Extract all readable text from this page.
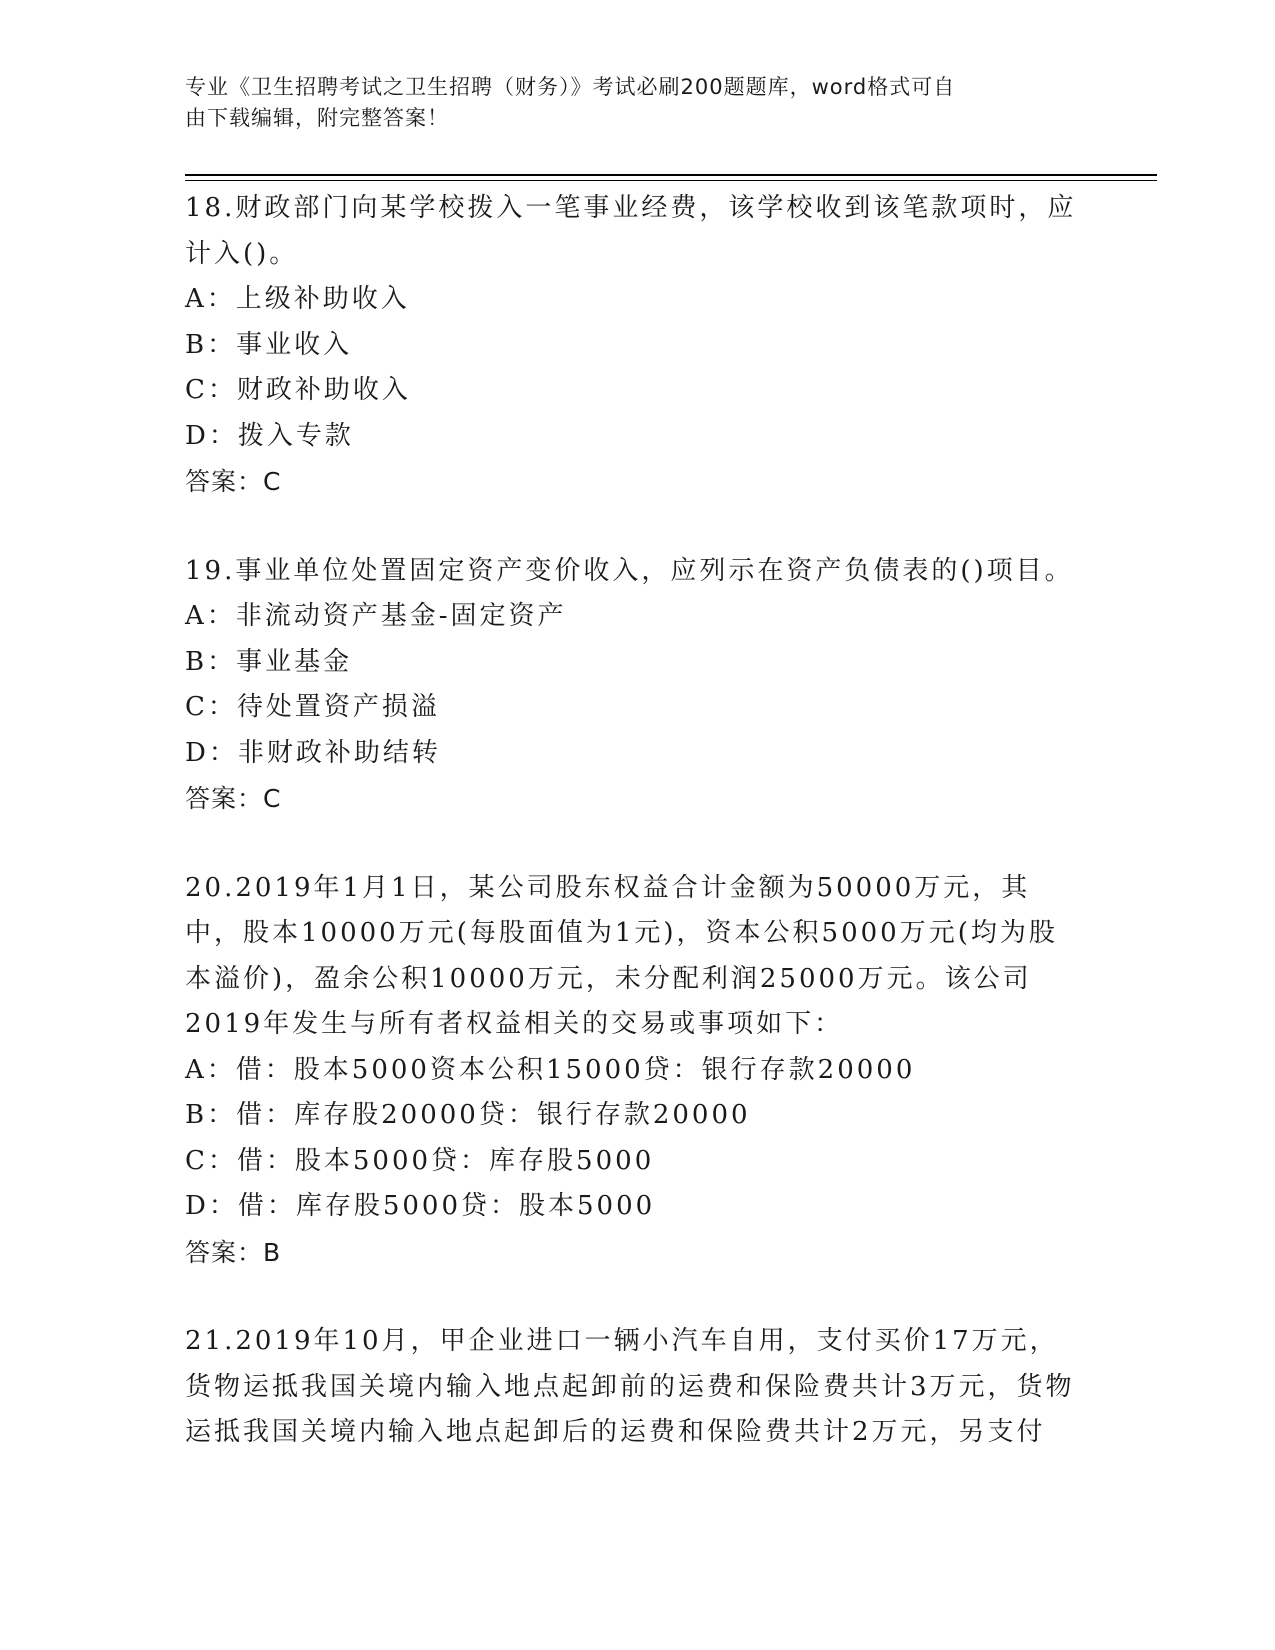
专业《卫生招聘考试之卫生招聘（财务）》考试必刷200题题库，word格式可自
由下载编辑，附完整答案！

18.财政部门向某学校拨入一笔事业经费，该学校收到该笔款项时，应计入()。

A：上级补助收入

B：事业收入

C：财政补助收入

D：拨入专款

答案：C

19.事业单位处置固定资产变价收入，应列示在资产负债表的()项目。

A：非流动资产基金-固定资产

B：事业基金

C：待处置资产损溢

D：非财政补助结转

答案：C

20.2019年1月1日，某公司股东权益合计金额为50000万元，其中，股本10000万元(每股面值为1元)，资本公积5000万元(均为股本溢价)，盈余公积10000万元，未分配利润25000万元。该公司2019年发生与所有者权益相关的交易或事项如下：

A：借：股本5000资本公积15000贷：银行存款20000

B：借：库存股20000贷：银行存款20000

C：借：股本5000贷：库存股5000

D：借：库存股5000贷：股本5000

答案：B

21.2019年10月，甲企业进口一辆小汽车自用，支付买价17万元，货物运抵我国关境内输入地点起卸前的运费和保险费共计3万元，货物运抵我国关境内输入地点起卸后的运费和保险费共计2万元，另支付
